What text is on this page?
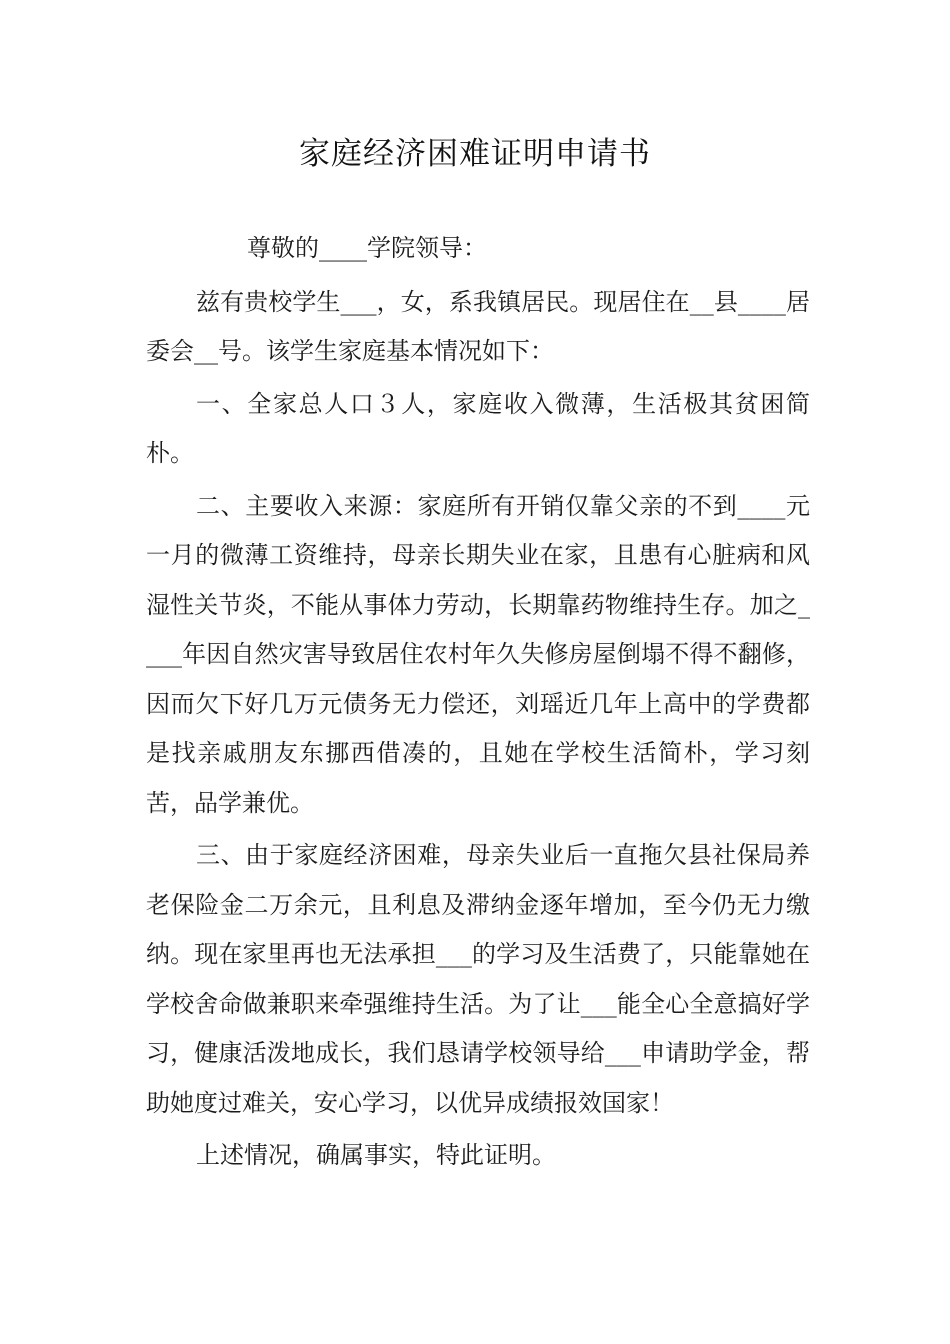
家庭经济困难证明申请书

尊敬的____学院领导：

兹有贵校学生___，女，系我镇居民。现居住在__县____居委会__号。该学生家庭基本情况如下：

一、全家总人口３人，家庭收入微薄，生活极其贫困简朴。

二、主要收入来源：家庭所有开销仅靠父亲的不到____元一月的微薄工资维持，母亲长期失业在家，且患有心脏病和风湿性关节炎，不能从事体力劳动，长期靠药物维持生存。加之____年因自然灾害导致居住农村年久失修房屋倒塌不得不翻修，因而欠下好几万元债务无力偿还，刘瑶近几年上高中的学费都是找亲戚朋友东挪西借凑的，且她在学校生活简朴，学习刻苦，品学兼优。

三、由于家庭经济困难，母亲失业后一直拖欠县社保局养老保险金二万余元，且利息及滞纳金逐年增加，至今仍无力缴纳。现在家里再也无法承担___的学习及生活费了，只能靠她在学校舍命做兼职来牵强维持生活。为了让___能全心全意搞好学习，健康活泼地成长，我们恳请学校领导给___申请助学金，帮助她度过难关，安心学习，以优异成绩报效国家！

上述情况，确属事实，特此证明。
